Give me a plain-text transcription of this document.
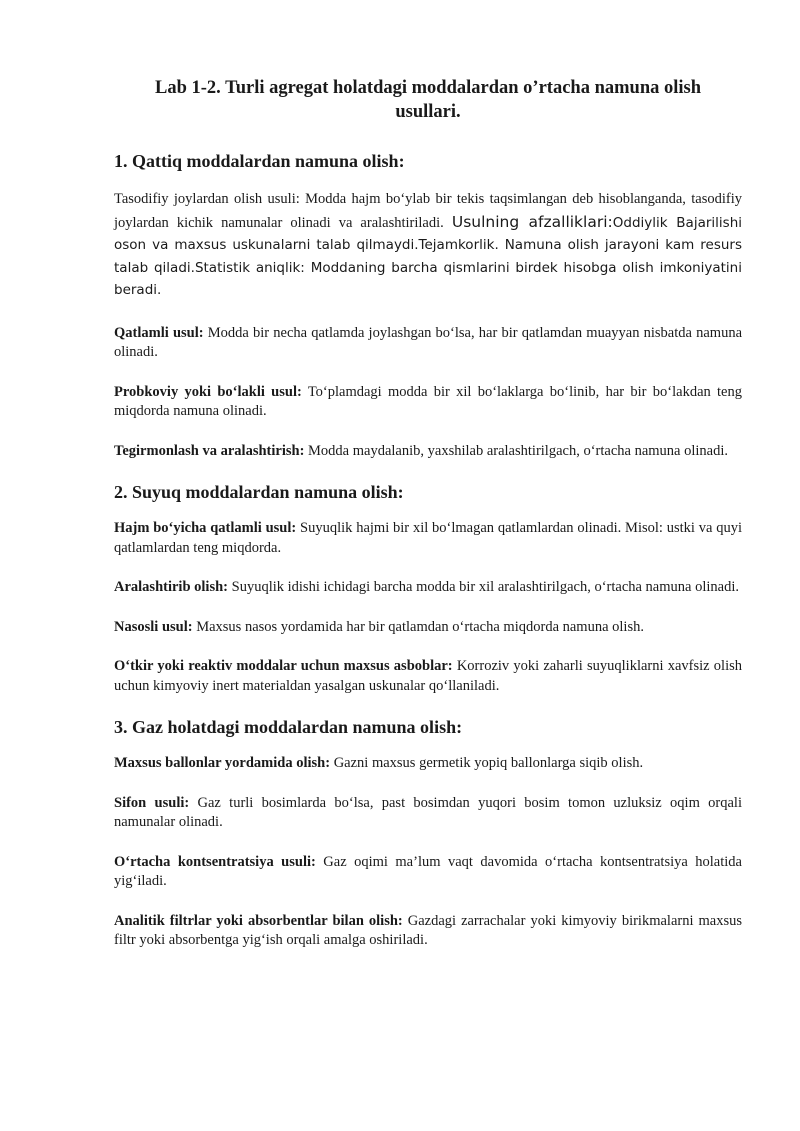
Lab 1-2. Turli agregat holatdagi moddalardan o’rtacha namuna olish
usullari.
1. Qattiq moddalardan namuna olish:

Tasodifiy joylardan olish usuli: Modda hajm bo‘ylab bir tekis taqsimlangan deb hisoblanganda, tasodifiy joylardan kichik namunalar olinadi va aralashtiriladi. Usulning afzalliklari:Oddiylik Bajarilishi oson va maxsus uskunalarni talab qilmaydi.Tejamkorlik. Namuna olish jarayoni kam resurs talab qiladi.Statistik aniqlik: Moddaning barcha qismlarini birdek hisobga olish imkoniyatini beradi.

Qatlamli usul: Modda bir necha qatlamda joylashgan bo‘lsa, har bir qatlamdan muayyan nisbatda namuna olinadi.

Probkoviy yoki bo‘lakli usul: To‘plamdagi modda bir xil bo‘laklarga bo‘linib, har bir bo‘lakdan teng miqdorda namuna olinadi.

Tegirmonlash va aralashtirish: Modda maydalanib, yaxshilab aralashtirilgach, o‘rtacha namuna olinadi.

2. Suyuq moddalardan namuna olish:

Hajm bo‘yicha qatlamli usul: Suyuqlik hajmi bir xil bo‘lmagan qatlamlardan olinadi. Misol: ustki va quyi qatlamlardan teng miqdorda.

Aralashtirib olish: Suyuqlik idishi ichidagi barcha modda bir xil aralashtirilgach, o‘rtacha namuna olinadi.

Nasosli usul: Maxsus nasos yordamida har bir qatlamdan o‘rtacha miqdorda namuna olish.

O‘tkir yoki reaktiv moddalar uchun maxsus asboblar: Korroziv yoki zaharli suyuqliklarni xavfsiz olish uchun kimyoviy inert materialdan yasalgan uskunalar qo‘llaniladi.

3. Gaz holatdagi moddalardan namuna olish:

Maxsus ballonlar yordamida olish: Gazni maxsus germetik yopiq ballonlarga siqib olish.

Sifon usuli: Gaz turli bosimlarda bo‘lsa, past bosimdan yuqori bosim tomon uzluksiz oqim orqali namunalar olinadi.

O‘rtacha kontsentratsiya usuli: Gaz oqimi ma’lum vaqt davomida o‘rtacha kontsentratsiya holatida yig‘iladi.

Analitik filtrlar yoki absorbentlar bilan olish: Gazdagi zarrachalar yoki kimyoviy birikmalarni maxsus filtr yoki absorbentga yig‘ish orqali amalga oshiriladi.
